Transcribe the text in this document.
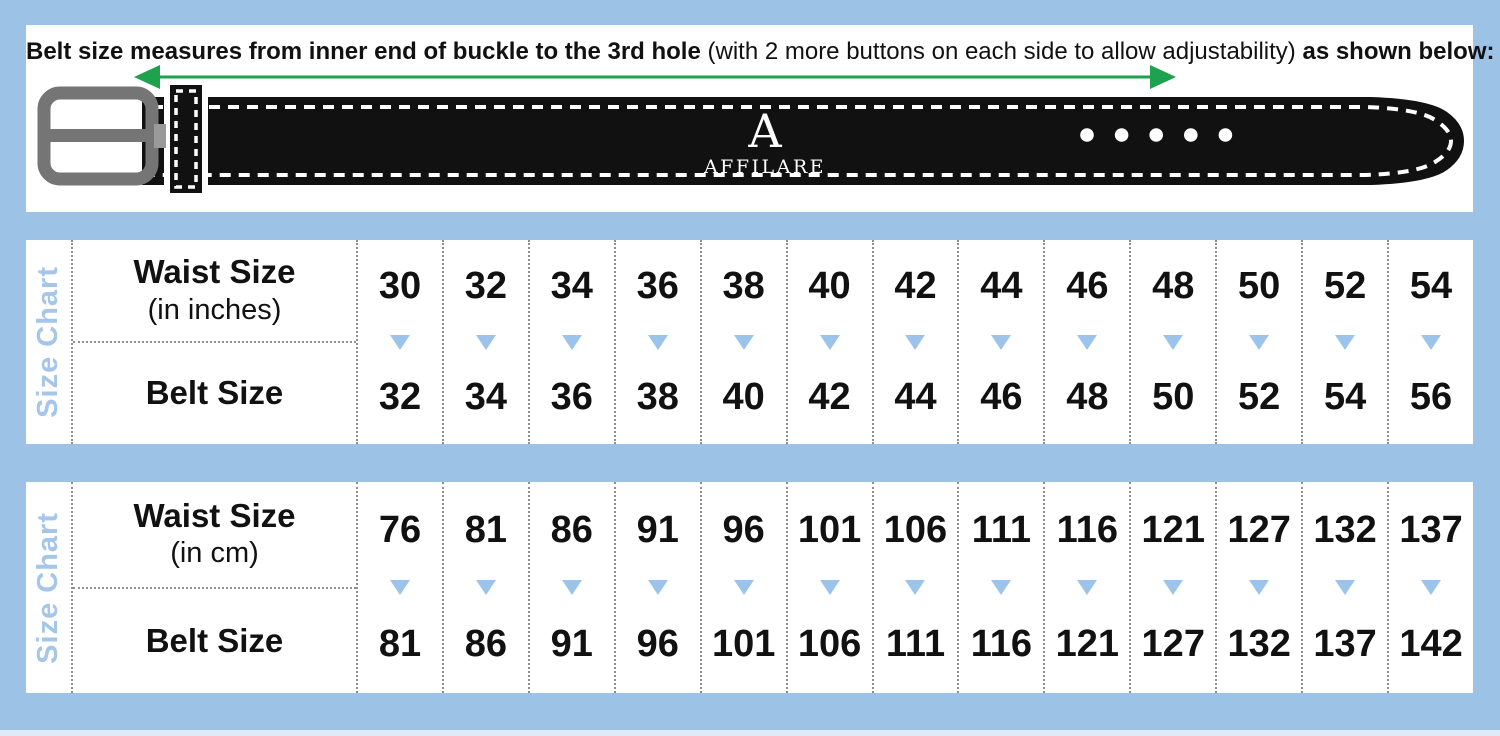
A
AFFILARE
Belt size measures from inner end of buckle to the 3rd hole (with 2 more buttons on each side to allow adjustability) as shown below:
Size Chart Waist Size
(in inches)
Belt Size
30
32
32
34
34
36
36
38
38
40
40
42
42
44
44
46
46
48
48
50
50
52
52
54
54
56
Size Chart Waist Size
(in cm)
Belt Size
76
81
81
86
86
91
91
96
96
101
101
106
106
111
111
116
116
121
121
127
127
132
132
137
137
142
